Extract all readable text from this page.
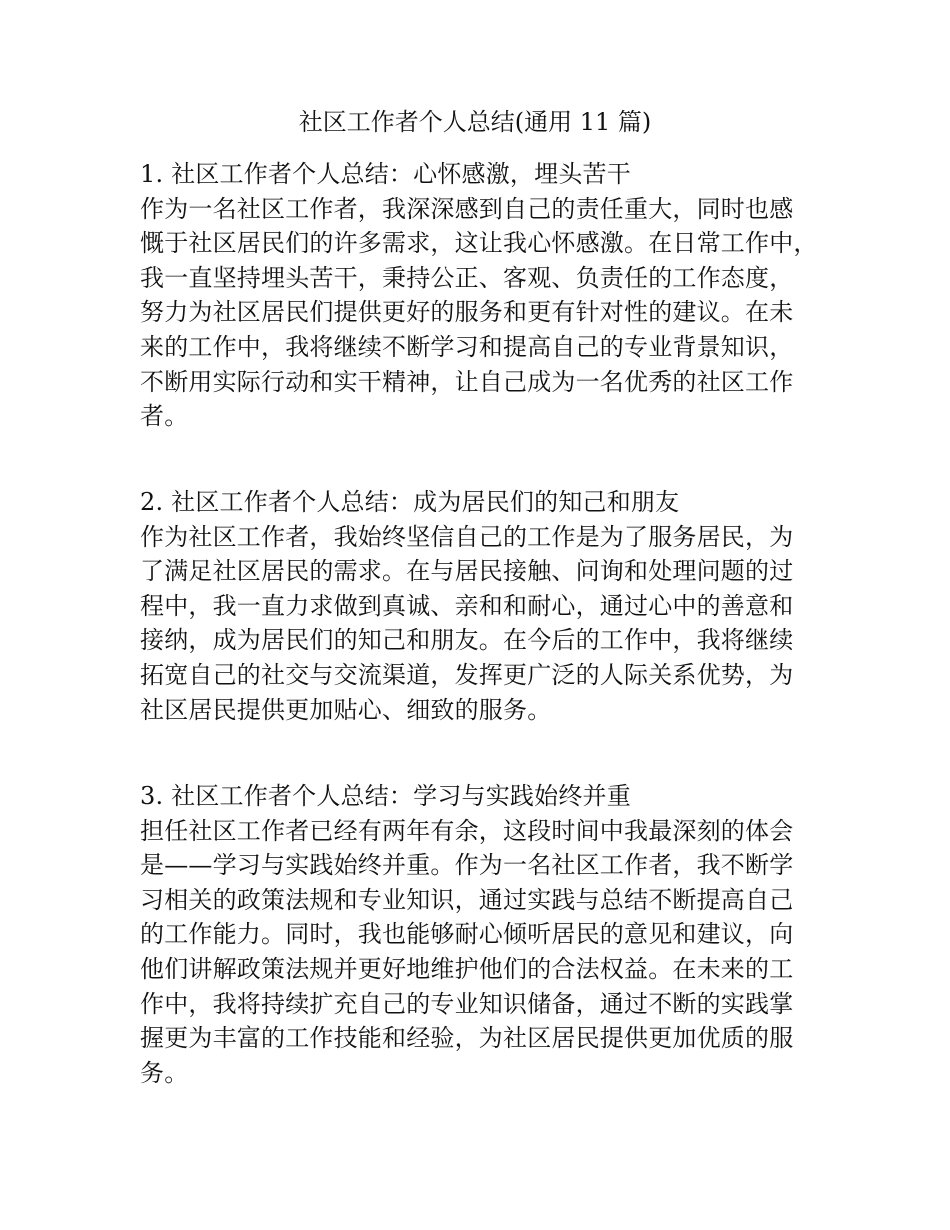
社区工作者个人总结(通用 11 篇)
1. 社区工作者个人总结：心怀感激，埋头苦干
作为一名社区工作者，我深深感到自己的责任重大，同时也感
慨于社区居民们的许多需求，这让我心怀感激。在日常工作中，
我一直坚持埋头苦干，秉持公正、客观、负责任的工作态度，
努力为社区居民们提供更好的服务和更有针对性的建议。在未
来的工作中，我将继续不断学习和提高自己的专业背景知识，
不断用实际行动和实干精神，让自己成为一名优秀的社区工作
者。
2. 社区工作者个人总结：成为居民们的知己和朋友
作为社区工作者，我始终坚信自己的工作是为了服务居民，为
了满足社区居民的需求。在与居民接触、问询和处理问题的过
程中，我一直力求做到真诚、亲和和耐心，通过心中的善意和
接纳，成为居民们的知己和朋友。在今后的工作中，我将继续
拓宽自己的社交与交流渠道，发挥更广泛的人际关系优势，为
社区居民提供更加贴心、细致的服务。
3. 社区工作者个人总结：学习与实践始终并重
担任社区工作者已经有两年有余，这段时间中我最深刻的体会
是——学习与实践始终并重。作为一名社区工作者，我不断学
习相关的政策法规和专业知识，通过实践与总结不断提高自己
的工作能力。同时，我也能够耐心倾听居民的意见和建议，向
他们讲解政策法规并更好地维护他们的合法权益。在未来的工
作中，我将持续扩充自己的专业知识储备，通过不断的实践掌
握更为丰富的工作技能和经验，为社区居民提供更加优质的服
务。
